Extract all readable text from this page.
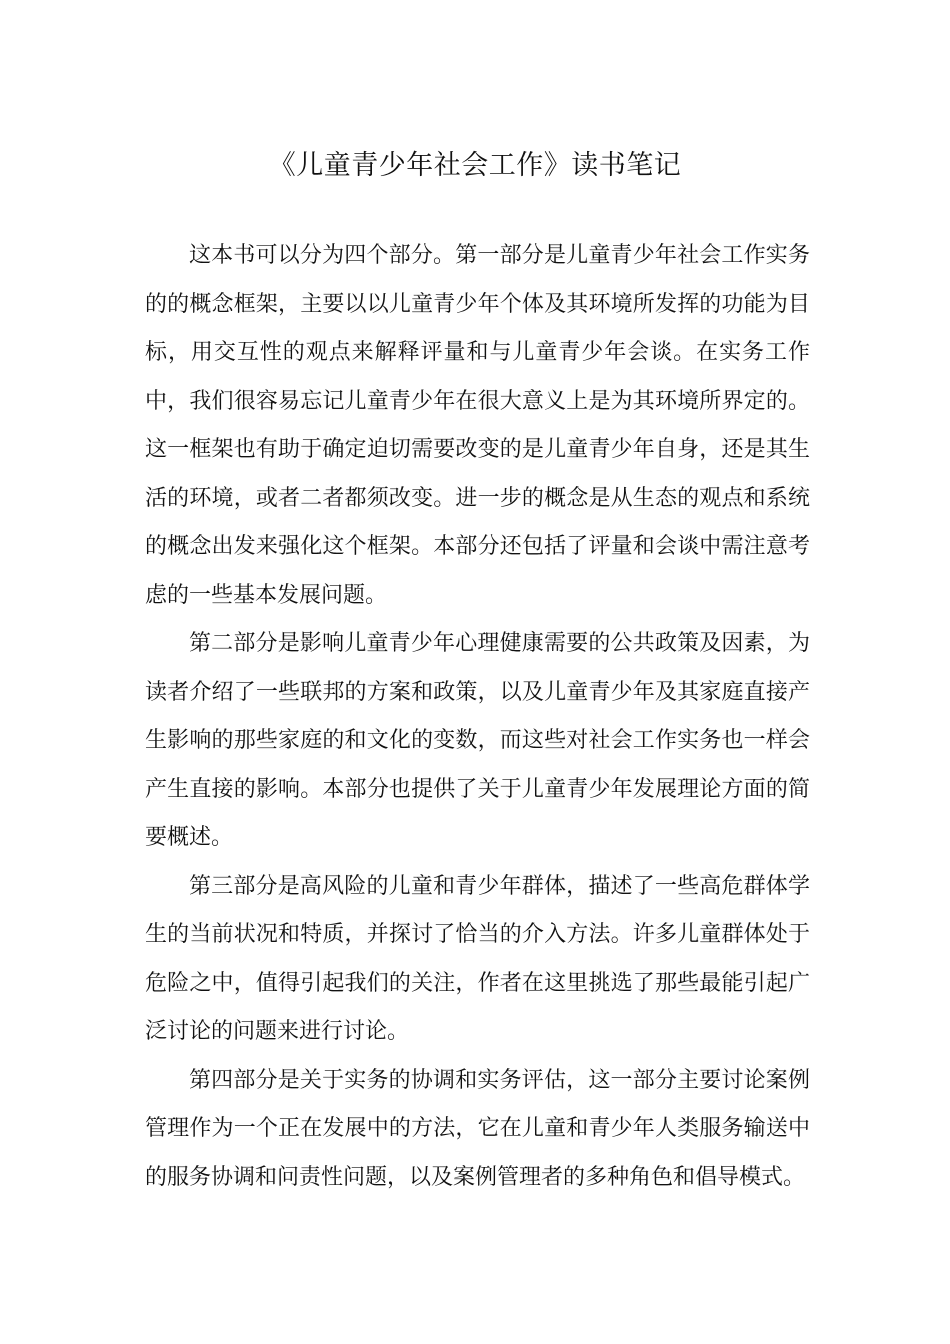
《儿童青少年社会工作》读书笔记

这本书可以分为四个部分。第一部分是儿童青少年社会工作实务的的概念框架，主要以以儿童青少年个体及其环境所发挥的功能为目标，用交互性的观点来解释评量和与儿童青少年会谈。在实务工作中，我们很容易忘记儿童青少年在很大意义上是为其环境所界定的。这一框架也有助于确定迫切需要改变的是儿童青少年自身，还是其生活的环境，或者二者都须改变。进一步的概念是从生态的观点和系统的概念出发来强化这个框架。本部分还包括了评量和会谈中需注意考虑的一些基本发展问题。

第二部分是影响儿童青少年心理健康需要的公共政策及因素，为读者介绍了一些联邦的方案和政策，以及儿童青少年及其家庭直接产生影响的那些家庭的和文化的变数，而这些对社会工作实务也一样会产生直接的影响。本部分也提供了关于儿童青少年发展理论方面的简要概述。

第三部分是高风险的儿童和青少年群体，描述了一些高危群体学生的当前状况和特质，并探讨了恰当的介入方法。许多儿童群体处于危险之中，值得引起我们的关注，作者在这里挑选了那些最能引起广泛讨论的问题来进行讨论。

第四部分是关于实务的协调和实务评估，这一部分主要讨论案例管理作为一个正在发展中的方法，它在儿童和青少年人类服务输送中的服务协调和问责性问题，以及案例管理者的多种角色和倡导模式。
